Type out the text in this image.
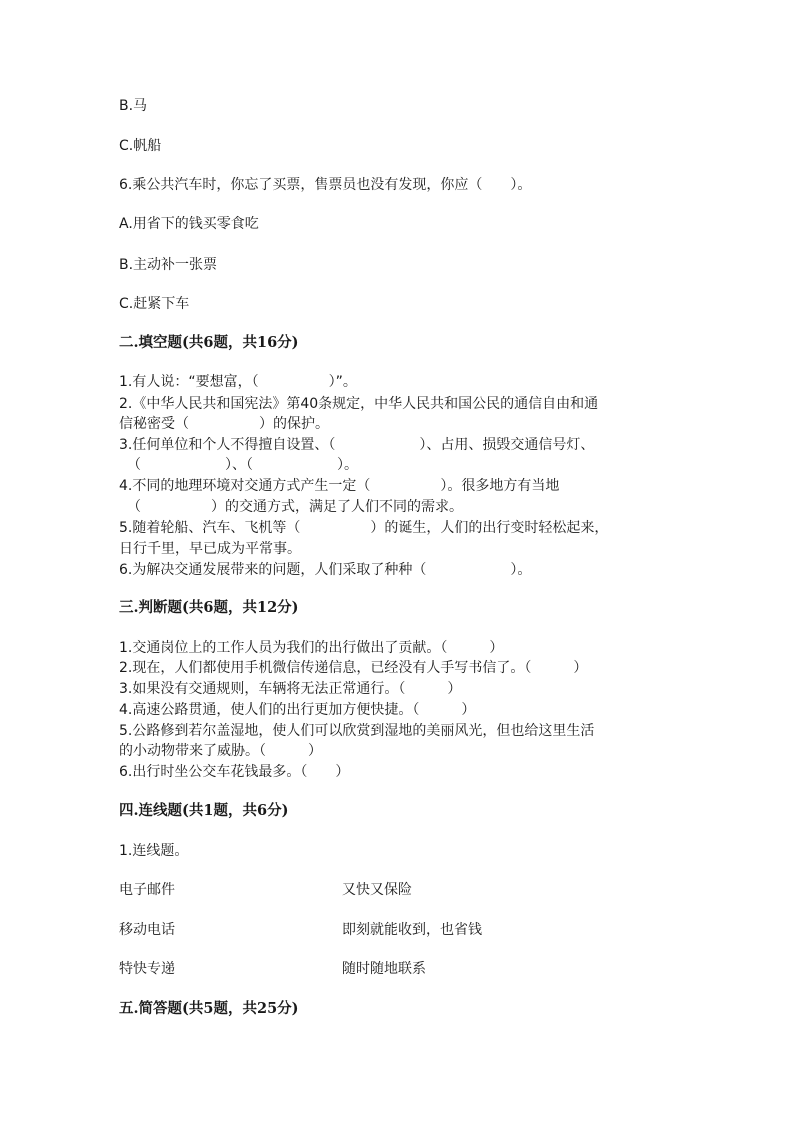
B.马
C.帆船
6.乘公共汽车时，你忘了买票，售票员也没有发现，你应（　　）。
A.用省下的钱买零食吃
B.主动补一张票
C.赶紧下车
二.填空题(共6题，共16分)
1.有人说：“要想富，（　　　　　）”。
2.《中华人民共和国宪法》第40条规定，中华人民共和国公民的通信自由和通
信秘密受（　　　　　）的保护。
3.任何单位和个人不得擅自设置、（　　　　　　）、占用、损毁交通信号灯、
（　　　　　　）、（　　　　　　）。
4.不同的地理环境对交通方式产生一定（　　　　　）。很多地方有当地
（　　　　　）的交通方式，满足了人们不同的需求。
5.随着轮船、汽车、飞机等（　　　　　）的诞生，人们的出行变时轻松起来，
日行千里，早已成为平常事。
6.为解决交通发展带来的问题，人们采取了种种（　　　　　　）。
三.判断题(共6题，共12分)
1.交通岗位上的工作人员为我们的出行做出了贡献。（　　　）
2.现在，人们都使用手机微信传递信息，已经没有人手写书信了。（　　　）
3.如果没有交通规则，车辆将无法正常通行。（　　　）
4.高速公路贯通，使人们的出行更加方便快捷。（　　　）
5.公路修到若尔盖湿地，使人们可以欣赏到湿地的美丽风光，但也给这里生活
的小动物带来了威胁。（　　　）
6.出行时坐公交车花钱最多。（　　）
四.连线题(共1题，共6分)
1.连线题。
电子邮件	又快又保险
移动电话	即刻就能收到，也省钱
特快专递	随时随地联系
五.简答题(共5题，共25分)
